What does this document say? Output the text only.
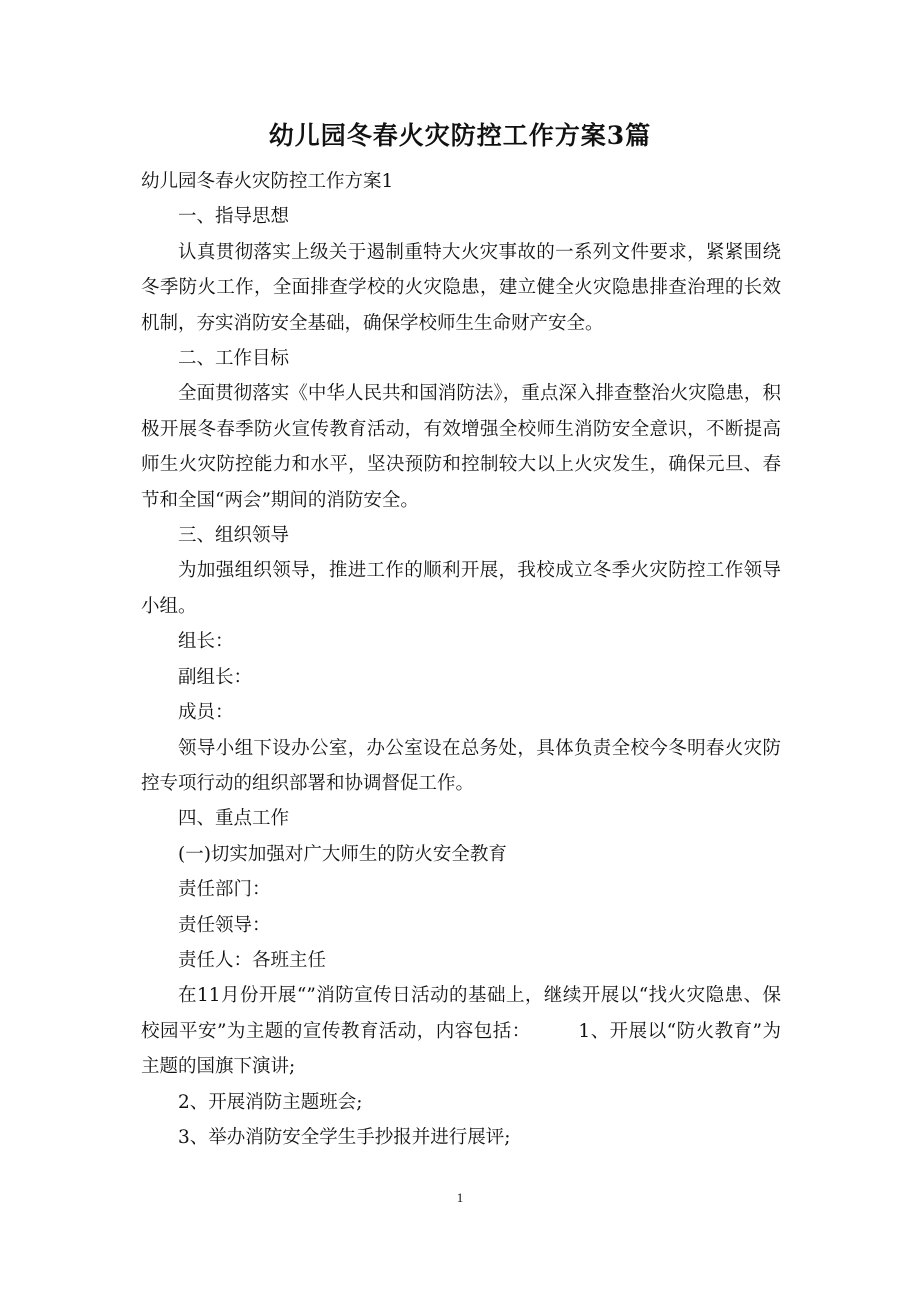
幼儿园冬春火灾防控工作方案3篇

幼儿园冬春火灾防控工作方案1

一、指导思想

认真贯彻落实上级关于遏制重特大火灾事故的一系列文件要求，紧紧围绕冬季防火工作，全面排查学校的火灾隐患，建立健全火灾隐患排查治理的长效机制，夯实消防安全基础，确保学校师生生命财产安全。

二、工作目标

全面贯彻落实《中华人民共和国消防法》，重点深入排查整治火灾隐患，积极开展冬春季防火宣传教育活动，有效增强全校师生消防安全意识，不断提高师生火灾防控能力和水平，坚决预防和控制较大以上火灾发生，确保元旦、春节和全国“两会”期间的消防安全。

三、组织领导

为加强组织领导，推进工作的顺利开展，我校成立冬季火灾防控工作领导小组。

组长：

副组长：

成员：

领导小组下设办公室，办公室设在总务处，具体负责全校今冬明春火灾防控专项行动的组织部署和协调督促工作。

四、重点工作

(一)切实加强对广大师生的防火安全教育

责任部门：

责任领导：

责任人：各班主任

在11月份开展“”消防宣传日活动的基础上，继续开展以“找火灾隐患、保校园平安”为主题的宣传教育活动，内容包括：　　　1、开展以“防火教育”为主题的国旗下演讲;

2、开展消防主题班会;

3、举办消防安全学生手抄报并进行展评;

1
